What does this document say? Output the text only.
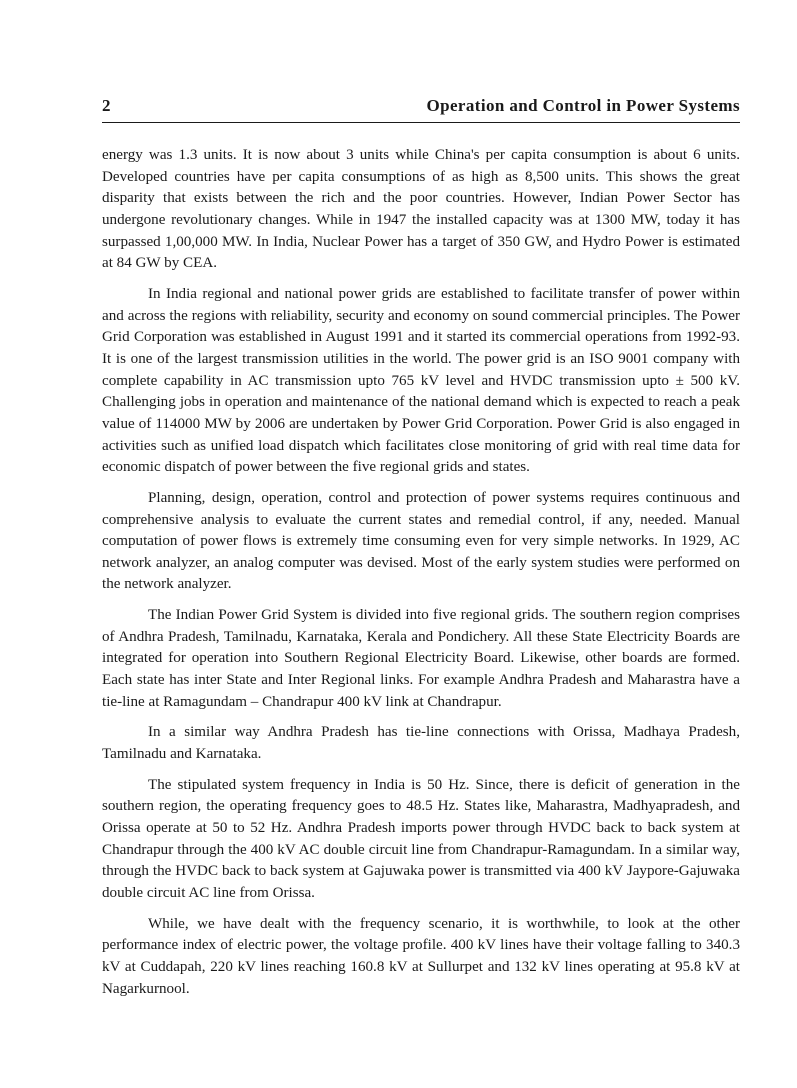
2	Operation and Control in Power Systems

energy was 1.3 units. It is now about 3 units while China's per capita consumption is about 6 units. Developed countries have per capita consumptions of as high as 8,500 units. This shows the great disparity that exists between the rich and the poor countries. However, Indian Power Sector has undergone revolutionary changes. While in 1947 the installed capacity was at 1300 MW, today it has surpassed 1,00,000 MW. In India, Nuclear Power has a target of 350 GW, and Hydro Power is estimated at 84 GW by CEA.

In India regional and national power grids are established to facilitate transfer of power within and across the regions with reliability, security and economy on sound commercial principles. The Power Grid Corporation was established in August 1991 and it started its commercial operations from 1992-93. It is one of the largest transmission utilities in the world. The power grid is an ISO 9001 company with complete capability in AC transmission upto 765 kV level and HVDC transmission upto ± 500 kV. Challenging jobs in operation and maintenance of the national demand which is expected to reach a peak value of 114000 MW by 2006 are undertaken by Power Grid Corporation. Power Grid is also engaged in activities such as unified load dispatch which facilitates close monitoring of grid with real time data for economic dispatch of power between the five regional grids and states.

Planning, design, operation, control and protection of power systems requires continuous and comprehensive analysis to evaluate the current states and remedial control, if any, needed. Manual computation of power flows is extremely time consuming even for very simple networks. In 1929, AC network analyzer, an analog computer was devised. Most of the early system studies were performed on the network analyzer.

The Indian Power Grid System is divided into five regional grids. The southern region comprises of Andhra Pradesh, Tamilnadu, Karnataka, Kerala and Pondichery. All these State Electricity Boards are integrated for operation into Southern Regional Electricity Board. Likewise, other boards are formed. Each state has inter State and Inter Regional links. For example Andhra Pradesh and Maharastra have a tie-line at Ramagundam – Chandrapur 400 kV link at Chandrapur.

In a similar way Andhra Pradesh has tie-line connections with Orissa, Madhaya Pradesh, Tamilnadu and Karnataka.

The stipulated system frequency in India is 50 Hz. Since, there is deficit of generation in the southern region, the operating frequency goes to 48.5 Hz. States like, Maharastra, Madhyapradesh, and Orissa operate at 50 to 52 Hz. Andhra Pradesh imports power through HVDC back to back system at Chandrapur through the 400 kV AC double circuit line from Chandrapur-Ramagundam. In a similar way, through the HVDC back to back system at Gajuwaka power is transmitted via 400 kV Jaypore-Gajuwaka double circuit AC line from Orissa.

While, we have dealt with the frequency scenario, it is worthwhile, to look at the other performance index of electric power, the voltage profile. 400 kV lines have their voltage falling to 340.3 kV at Cuddapah, 220 kV lines reaching 160.8 kV at Sullurpet and 132 kV lines operating at 95.8 kV at Nagarkurnool.
